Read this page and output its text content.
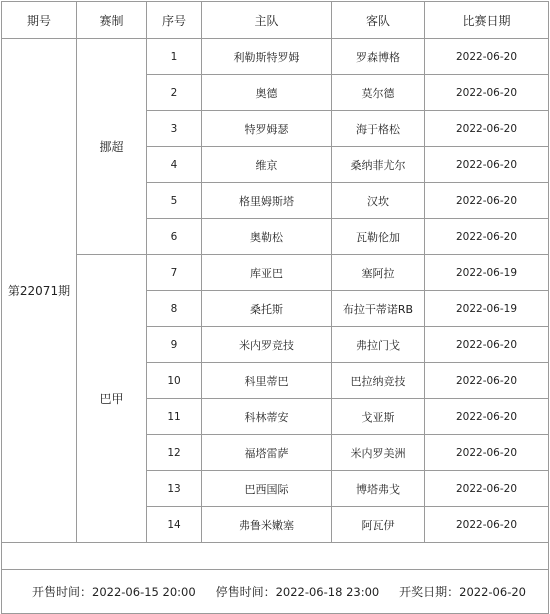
期号	赛制	序号	主队	客队	比赛日期
第22071期	挪超	1	利勒斯特罗姆	罗森博格	2022-06-20
		2	奥德	莫尔德	2022-06-20
		3	特罗姆瑟	海于格松	2022-06-20
		4	维京	桑纳菲尤尔	2022-06-20
		5	格里姆斯塔	汉坎	2022-06-20
		6	奥勒松	瓦勒伦加	2022-06-20
	巴甲	7	库亚巴	塞阿拉	2022-06-19
		8	桑托斯	布拉干蒂诺RB	2022-06-19
		9	米内罗竞技	弗拉门戈	2022-06-20
		10	科里蒂巴	巴拉纳竞技	2022-06-20
		11	科林蒂安	戈亚斯	2022-06-20
		12	福塔雷萨	米内罗美洲	2022-06-20
		13	巴西国际	博塔弗戈	2022-06-20
		14	弗鲁米嫩塞	阿瓦伊	2022-06-20

开售时间：2022-06-15 20:00 停售时间：2022-06-18 23:00 开奖日期：2022-06-20					
